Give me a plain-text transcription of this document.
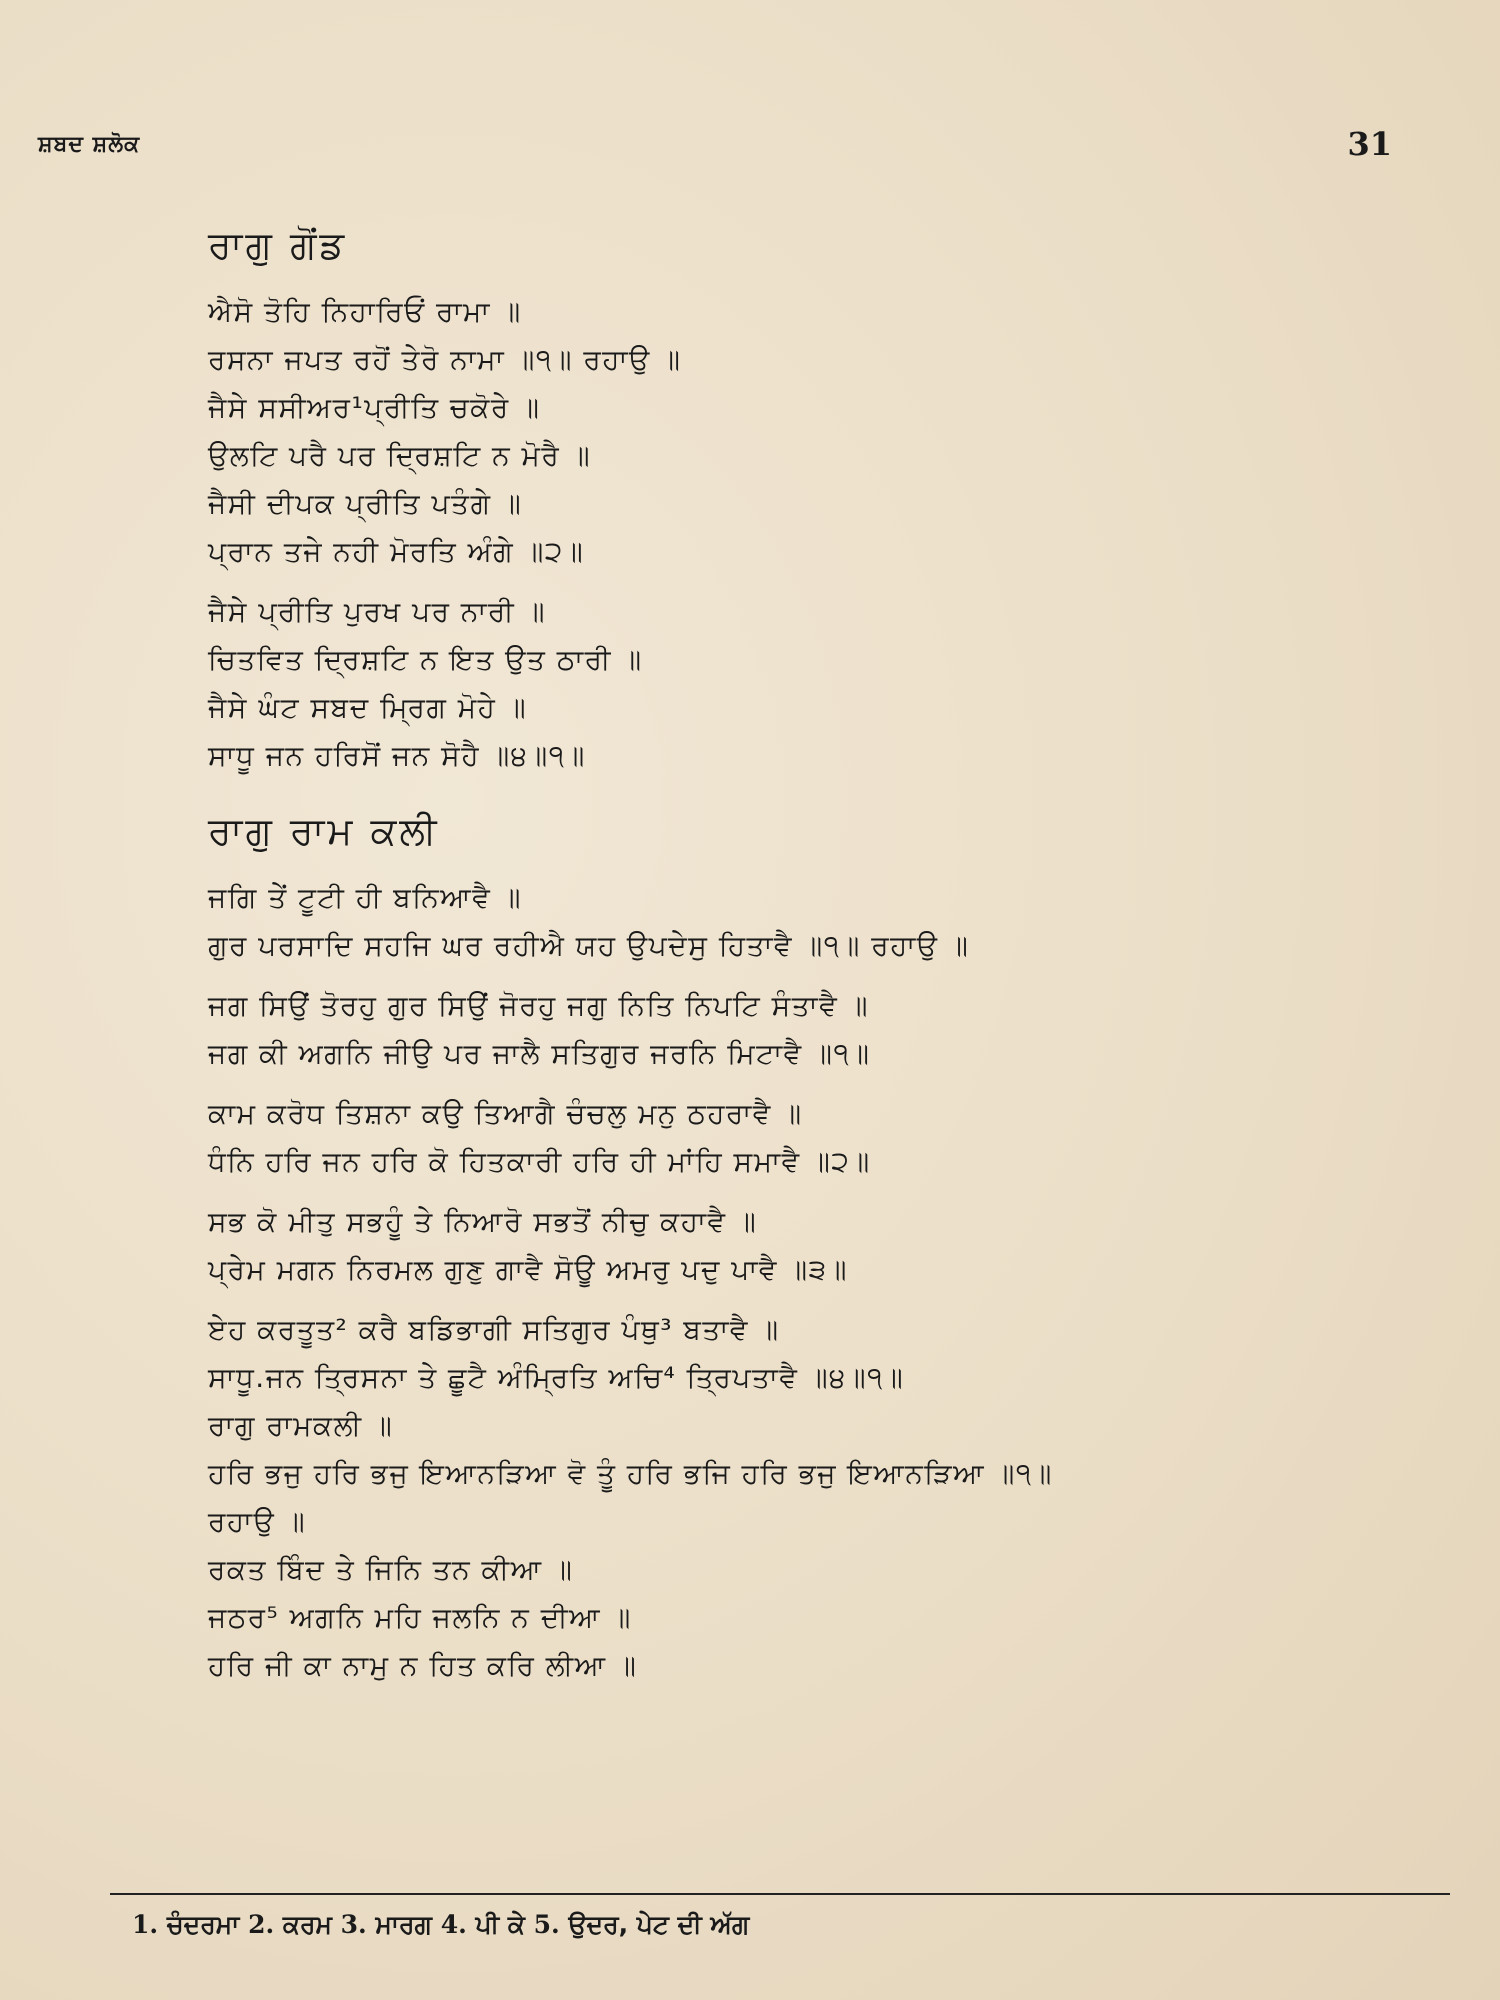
ਸ਼ਬਦ ਸ਼ਲੋਕ	31
ਰਾਗੁ ਗੋਂਡ
ਐਸੋ ਤੋਹਿ ਨਿਹਾਰਿਓਂ ਰਾਮਾ ॥
ਰਸਨਾ ਜਪਤ ਰਹੋਂ ਤੇਰੋ ਨਾਮਾ ॥੧॥ ਰਹਾਉ ॥
ਜੈਸੇ ਸਸੀਅਰ¹ਪ੍ਰੀਤਿ ਚਕੋਰੇ ॥
ਉਲਟਿ ਪਰੈ ਪਰ ਦ੍ਰਿਸ਼ਟਿ ਨ ਮੋਰੈ ॥
ਜੈਸੀ ਦੀਪਕ ਪ੍ਰੀਤਿ ਪਤੰਗੇ ॥
ਪ੍ਰਾਨ ਤਜੇ ਨਹੀ ਮੋਰਤਿ ਅੰਗੇ ॥੨॥
ਜੈਸੇ ਪ੍ਰੀਤਿ ਪੁਰਖ ਪਰ ਨਾਰੀ ॥
ਚਿਤਵਿਤ ਦ੍ਰਿਸ਼ਟਿ ਨ ਇਤ ਉਤ ਠਾਰੀ ॥
ਜੈਸੇ ਘੰਟ ਸਬਦ ਮ੍ਰਿਗ ਮੋਹੇ ॥
ਸਾਧੂ ਜਨ ਹਰਿਸੋਂ ਜਨ ਸੋਹੈ ॥੪॥੧॥
ਰਾਗੁ ਰਾਮ ਕਲੀ
ਜਗਿ ਤੇਂ ਟੂਟੀ ਹੀ ਬਨਿਆਵੈ ॥
ਗੁਰ ਪਰਸਾਦਿ ਸਹਜਿ ਘਰ ਰਹੀਐ ਯਹ ਉਪਦੇਸੁ ਹਿਤਾਵੈ ॥੧॥ ਰਹਾਉ ॥
ਜਗ ਸਿਉਂ ਤੋਰਹੁ ਗੁਰ ਸਿਉਂ ਜੋਰਹੁ ਜਗੁ ਨਿਤਿ ਨਿਪਟਿ ਸੰਤਾਵੈ ॥
ਜਗ ਕੀ ਅਗਨਿ ਜੀਉ ਪਰ ਜਾਲੈ ਸਤਿਗੁਰ ਜਰਨਿ ਮਿਟਾਵੈ ॥੧॥
ਕਾਮ ਕਰੋਧ ਤਿਸ਼ਨਾ ਕਉ ਤਿਆਗੈ ਚੰਚਲੁ ਮਨੁ ਠਹਰਾਵੈ ॥
ਧੰਨਿ ਹਰਿ ਜਨ ਹਰਿ ਕੋ ਹਿਤਕਾਰੀ ਹਰਿ ਹੀ ਮਾਂਹਿ ਸਮਾਵੈ ॥੨॥
ਸਭ ਕੋ ਮੀਤੁ ਸਭਹੂੰ ਤੇ ਨਿਆਰੋ ਸਭਤੋਂ ਨੀਚੁ ਕਹਾਵੈ ॥
ਪ੍ਰੇਮ ਮਗਨ ਨਿਰਮਲ ਗੁਣੁ ਗਾਵੈ ਸੋਊ ਅਮਰੁ ਪਦੁ ਪਾਵੈ ॥੩॥
ਏਹ ਕਰਤੂਤ² ਕਰੈ ਬਡਿਭਾਗੀ ਸਤਿਗੁਰ ਪੰਥੁ³ ਬਤਾਵੈ ॥
ਸਾਧੂ.ਜਨ ਤ੍ਰਿਸਨਾ ਤੇ ਛੂਟੈ ਅੰਮ੍ਰਿਤਿ ਅਚਿ⁴ ਤ੍ਰਿਪਤਾਵੈ ॥੪॥੧॥
ਰਾਗੁ ਰਾਮਕਲੀ ॥
ਹਰਿ ਭਜੁ ਹਰਿ ਭਜੁ ਇਆਨੜਿਆ ਵੋ ਤੂੰ ਹਰਿ ਭਜਿ ਹਰਿ ਭਜੁ ਇਆਨੜਿਆ ॥੧॥
ਰਹਾਉ ॥
ਰਕਤ ਬਿੰਦ ਤੇ ਜਿਨਿ ਤਨ ਕੀਆ ॥
ਜਠਰ⁵ ਅਗਨਿ ਮਹਿ ਜਲਨਿ ਨ ਦੀਆ ॥
ਹਰਿ ਜੀ ਕਾ ਨਾਮੁ ਨ ਹਿਤ ਕਰਿ ਲੀਆ ॥
1. ਚੰਦਰਮਾ 2. ਕਰਮ 3. ਮਾਰਗ 4. ਪੀ ਕੇ 5. ਉਦਰ, ਪੇਟ ਦੀ ਅੱਗ
